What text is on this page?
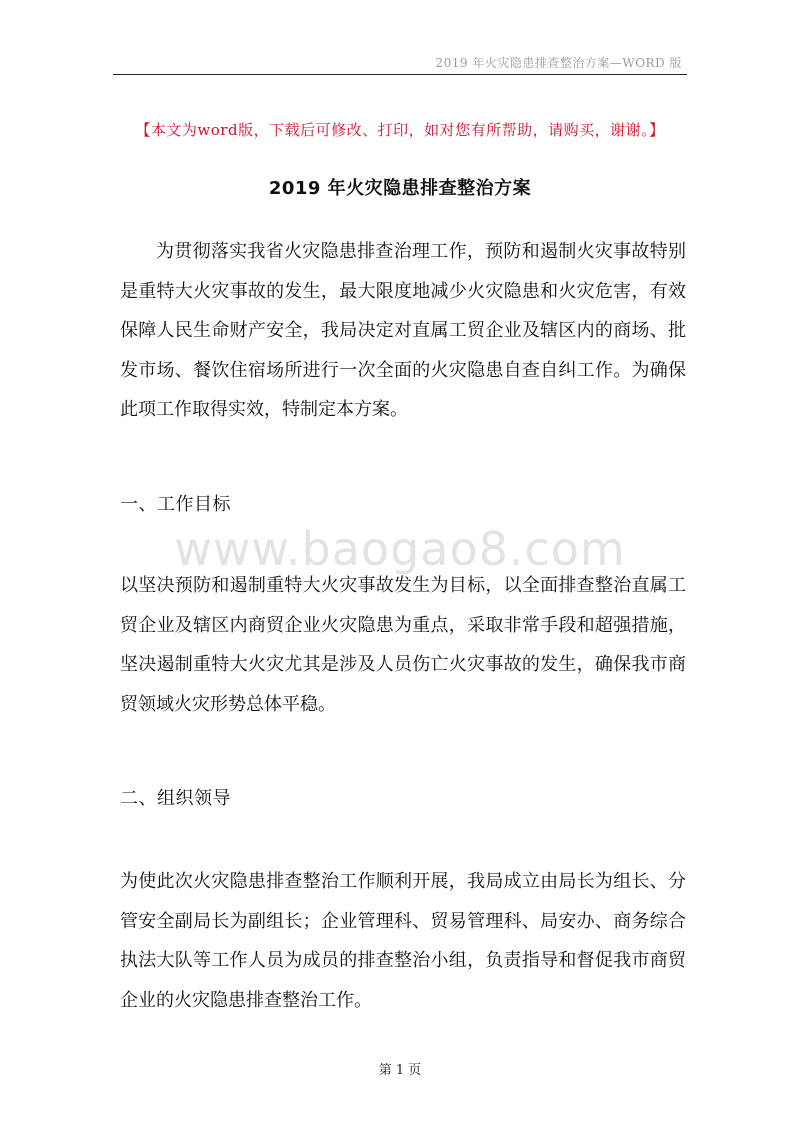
2019 年火灾隐患排查整治方案—WORD 版
【本文为word版，下载后可修改、打印，如对您有所帮助，请购买，谢谢。】
2019 年火灾隐患排查整治方案
为贯彻落实我省火灾隐患排查治理工作，预防和遏制火灾事故特别是重特大火灾事故的发生，最大限度地减少火灾隐患和火灾危害，有效保障人民生命财产安全，我局决定对直属工贸企业及辖区内的商场、批发市场、餐饮住宿场所进行一次全面的火灾隐患自查自纠工作。为确保此项工作取得实效，特制定本方案。
一、工作目标
www.baogao8.com
以坚决预防和遏制重特大火灾事故发生为目标，以全面排查整治直属工贸企业及辖区内商贸企业火灾隐患为重点，采取非常手段和超强措施，坚决遏制重特大火灾尤其是涉及人员伤亡火灾事故的发生，确保我市商贸领域火灾形势总体平稳。
二、组织领导
为使此次火灾隐患排查整治工作顺利开展，我局成立由局长为组长、分管安全副局长为副组长；企业管理科、贸易管理科、局安办、商务综合执法大队等工作人员为成员的排查整治小组，负责指导和督促我市商贸企业的火灾隐患排查整治工作。
第 1 页
